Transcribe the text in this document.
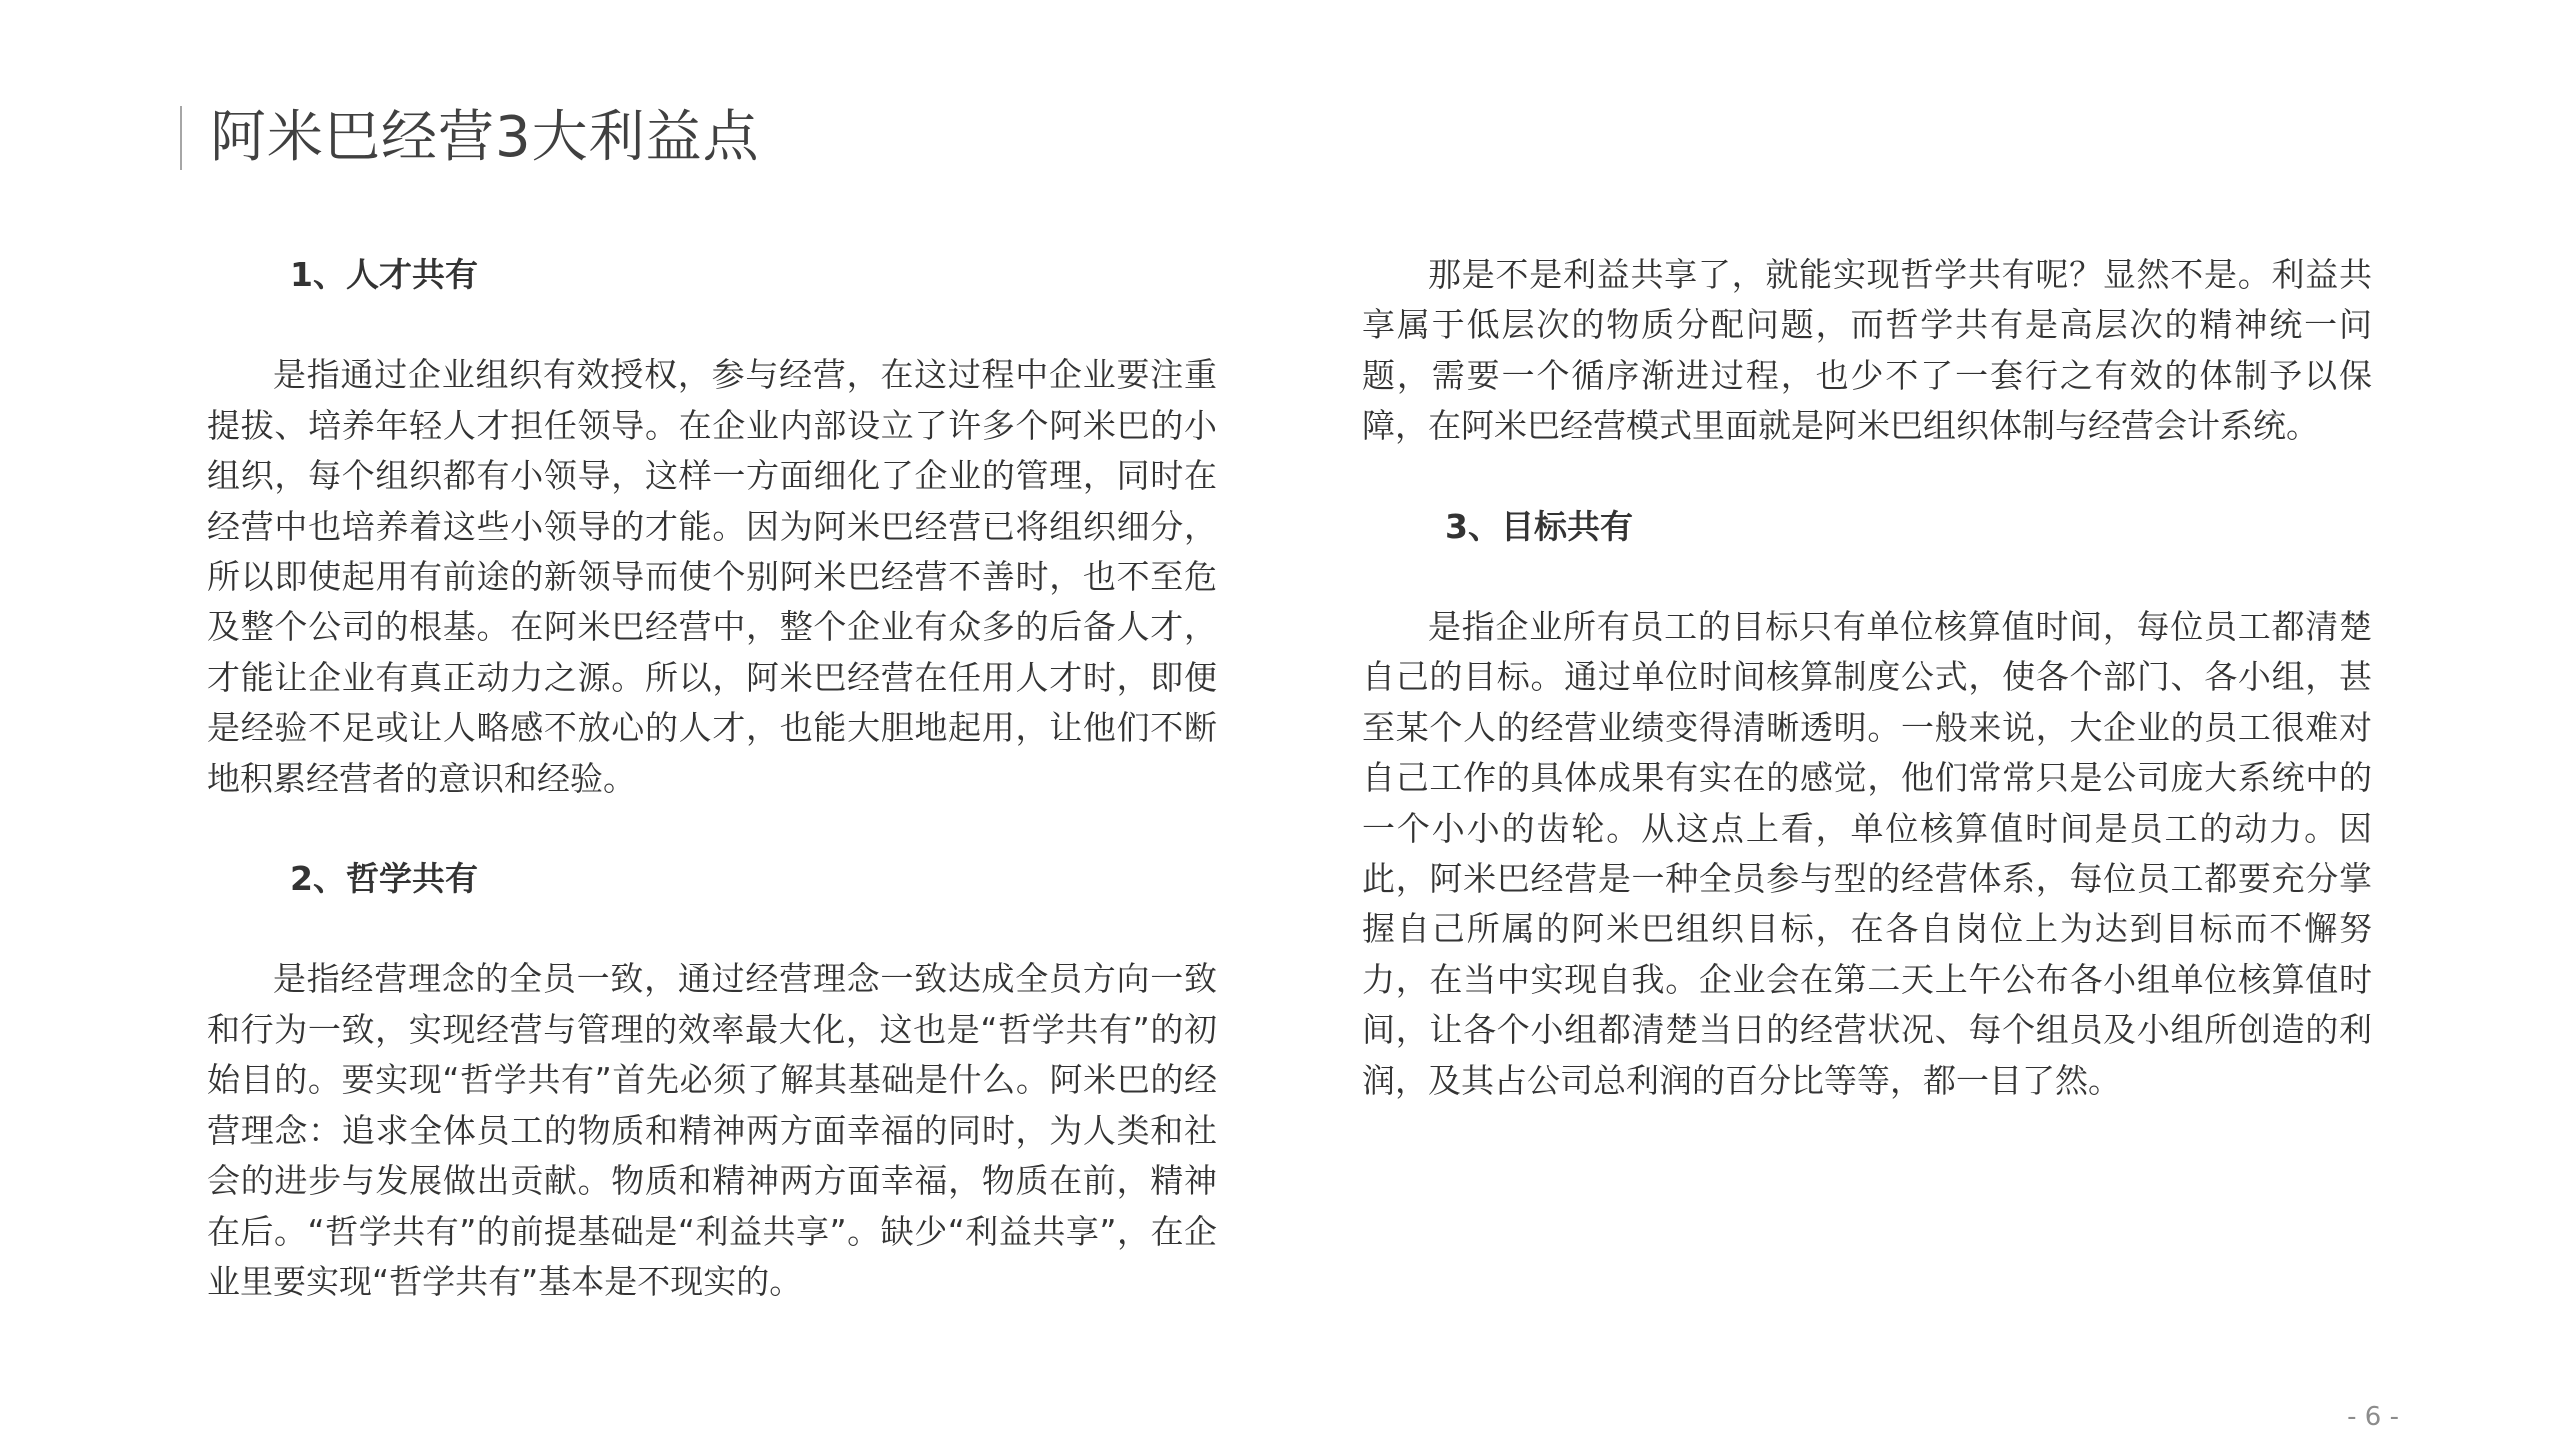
阿米巴经营3大利益点
1、人才共有

是指通过企业组织有效授权，参与经营，在这过程中企业要注重提拔、培养年轻人才担任领导。在企业内部设立了许多个阿米巴的小组织，每个组织都有小领导，这样一方面细化了企业的管理，同时在经营中也培养着这些小领导的才能。因为阿米巴经营已将组织细分，所以即使起用有前途的新领导而使个别阿米巴经营不善时，也不至危及整个公司的根基。在阿米巴经营中，整个企业有众多的后备人才，才能让企业有真正动力之源。所以，阿米巴经营在任用人才时，即便是经验不足或让人略感不放心的人才，也能大胆地起用，让他们不断地积累经营者的意识和经验。

2、哲学共有

是指经营理念的全员一致，通过经营理念一致达成全员方向一致和行为一致，实现经营与管理的效率最大化，这也是“哲学共有”的初始目的。要实现“哲学共有”首先必须了解其基础是什么。阿米巴的经营理念：追求全体员工的物质和精神两方面幸福的同时，为人类和社会的进步与发展做出贡献。物质和精神两方面幸福，物质在前，精神在后。“哲学共有”的前提基础是“利益共享”。缺少“利益共享”，在企业里要实现“哲学共有”基本是不现实的。

那是不是利益共享了，就能实现哲学共有呢？显然不是。利益共享属于低层次的物质分配问题，而哲学共有是高层次的精神统一问题，需要一个循序渐进过程，也少不了一套行之有效的体制予以保障，在阿米巴经营模式里面就是阿米巴组织体制与经营会计系统。

3、目标共有

是指企业所有员工的目标只有单位核算值时间，每位员工都清楚自己的目标。通过单位时间核算制度公式，使各个部门、各小组，甚至某个人的经营业绩变得清晰透明。一般来说，大企业的员工很难对自己工作的具体成果有实在的感觉，他们常常只是公司庞大系统中的一个小小的齿轮。从这点上看，单位核算值时间是员工的动力。因此，阿米巴经营是一种全员参与型的经营体系，每位员工都要充分掌握自己所属的阿米巴组织目标，在各自岗位上为达到目标而不懈努力，在当中实现自我。企业会在第二天上午公布各小组单位核算值时间，让各个小组都清楚当日的经营状况、每个组员及小组所创造的利润，及其占公司总利润的百分比等等，都一目了然。

- 6 -
